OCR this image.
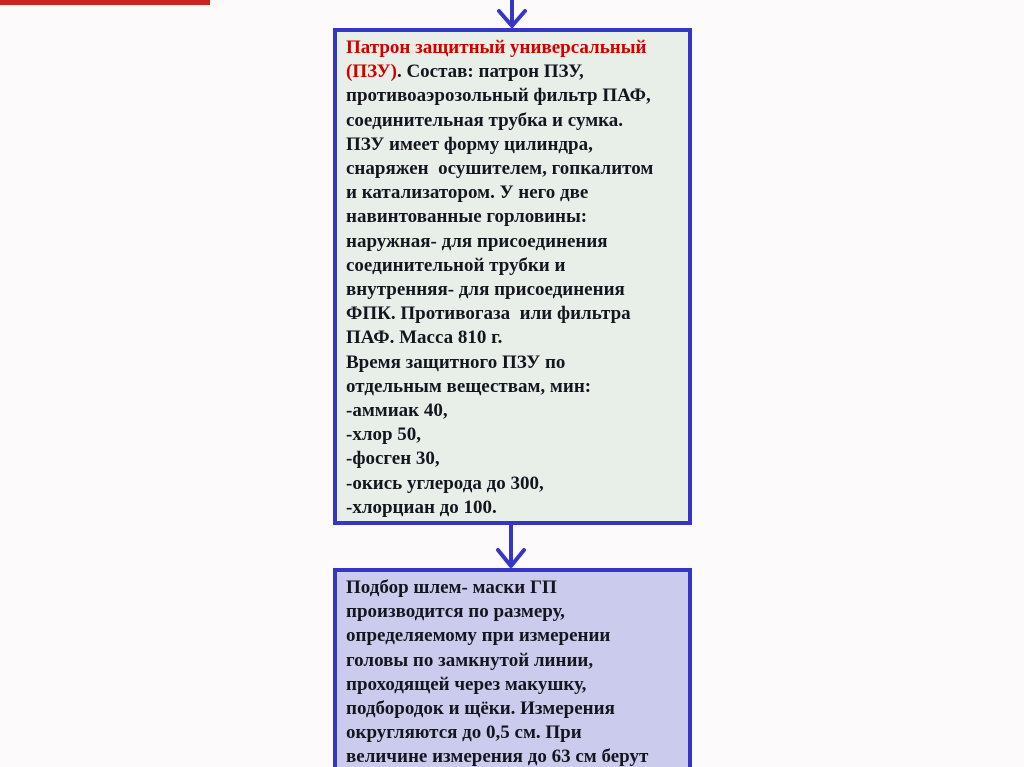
Патрон защитный универсальный
(ПЗУ). Состав: патрон ПЗУ,
противоаэрозольный фильтр ПАФ,
соединительная трубка и сумка.
ПЗУ имеет форму цилиндра,
снаряжен  осушителем, гопкалитом
и катализатором. У него две
навинтованные горловины:
наружная- для присоединения
соединительной трубки и
внутренняя- для присоединения
ФПК. Противогаза  или фильтра
ПАФ. Масса 810 г.
Время защитного ПЗУ по
отдельным веществам, мин:
-аммиак 40,
-хлор 50,
-фосген 30,
-окись углерода до 300,
-хлорциан до 100.
Подбор шлем- маски ГП
производится по размеру,
определяемому при измерении
головы по замкнутой линии,
проходящей через макушку,
подбородок и щёки. Измерения
округляются до 0,5 см. При
величине измерения до 63 см берут
